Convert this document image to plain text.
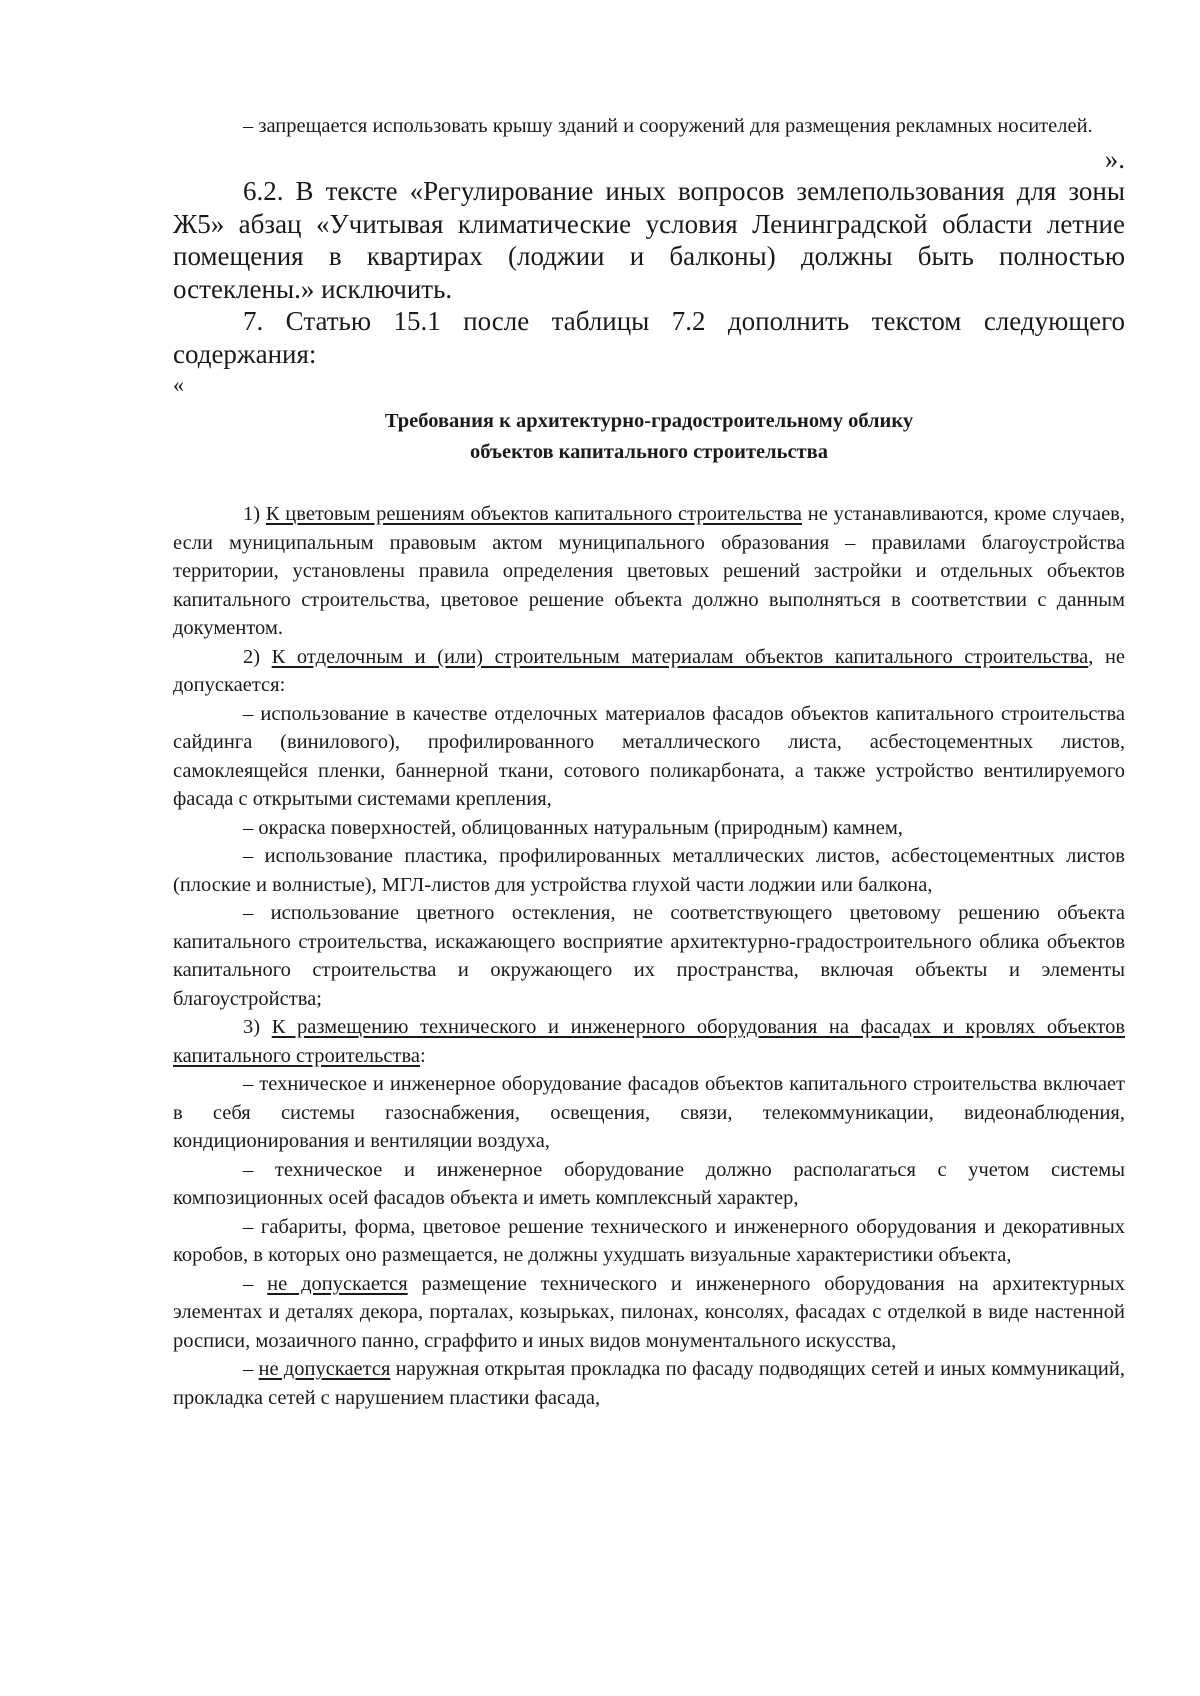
– запрещается использовать крышу зданий и сооружений для размещения рекламных носителей.

».

6.2. В тексте «Регулирование иных вопросов землепользования для зоны Ж5» абзац «Учитывая климатические условия Ленинградской области летние помещения в квартирах (лоджии и балконы) должны быть полностью остеклены.» исключить.

7. Статью 15.1 после таблицы 7.2 дополнить текстом следующего содержания:

«

Требования к архитектурно-градостроительному облику
объектов капитального строительства

1) К цветовым решениям объектов капитального строительства не устанавливаются, кроме случаев, если муниципальным правовым актом муниципального образования – правилами благоустройства территории, установлены правила определения цветовых решений застройки и отдельных объектов капитального строительства, цветовое решение объекта должно выполняться в соответствии с данным документом.

2) К отделочным и (или) строительным материалам объектов капитального строительства, не допускается:

– использование в качестве отделочных материалов фасадов объектов капитального строительства сайдинга (винилового), профилированного металлического листа, асбестоцементных листов, самоклеящейся пленки, баннерной ткани, сотового поликарбоната, а также устройство вентилируемого фасада с открытыми системами крепления,

– окраска поверхностей, облицованных натуральным (природным) камнем,

– использование пластика, профилированных металлических листов, асбестоцементных листов (плоские и волнистые), МГЛ-листов для устройства глухой части лоджии или балкона,

– использование цветного остекления, не соответствующего цветовому решению объекта капитального строительства, искажающего восприятие архитектурно-градостроительного облика объектов капитального строительства и окружающего их пространства, включая объекты и элементы благоустройства;

3) К размещению технического и инженерного оборудования на фасадах и кровлях объектов капитального строительства:

– техническое и инженерное оборудование фасадов объектов капитального строительства включает в себя системы газоснабжения, освещения, связи, телекоммуникации, видеонаблюдения, кондиционирования и вентиляции воздуха,

– техническое и инженерное оборудование должно располагаться с учетом системы композиционных осей фасадов объекта и иметь комплексный характер,

– габариты, форма, цветовое решение технического и инженерного оборудования и декоративных коробов, в которых оно размещается, не должны ухудшать визуальные характеристики объекта,

– не допускается размещение технического и инженерного оборудования на архитектурных элементах и деталях декора, порталах, козырьках, пилонах, консолях, фасадах с отделкой в виде настенной росписи, мозаичного панно, сграффито и иных видов монументального искусства,

– не допускается наружная открытая прокладка по фасаду подводящих сетей и иных коммуникаций, прокладка сетей с нарушением пластики фасада,
